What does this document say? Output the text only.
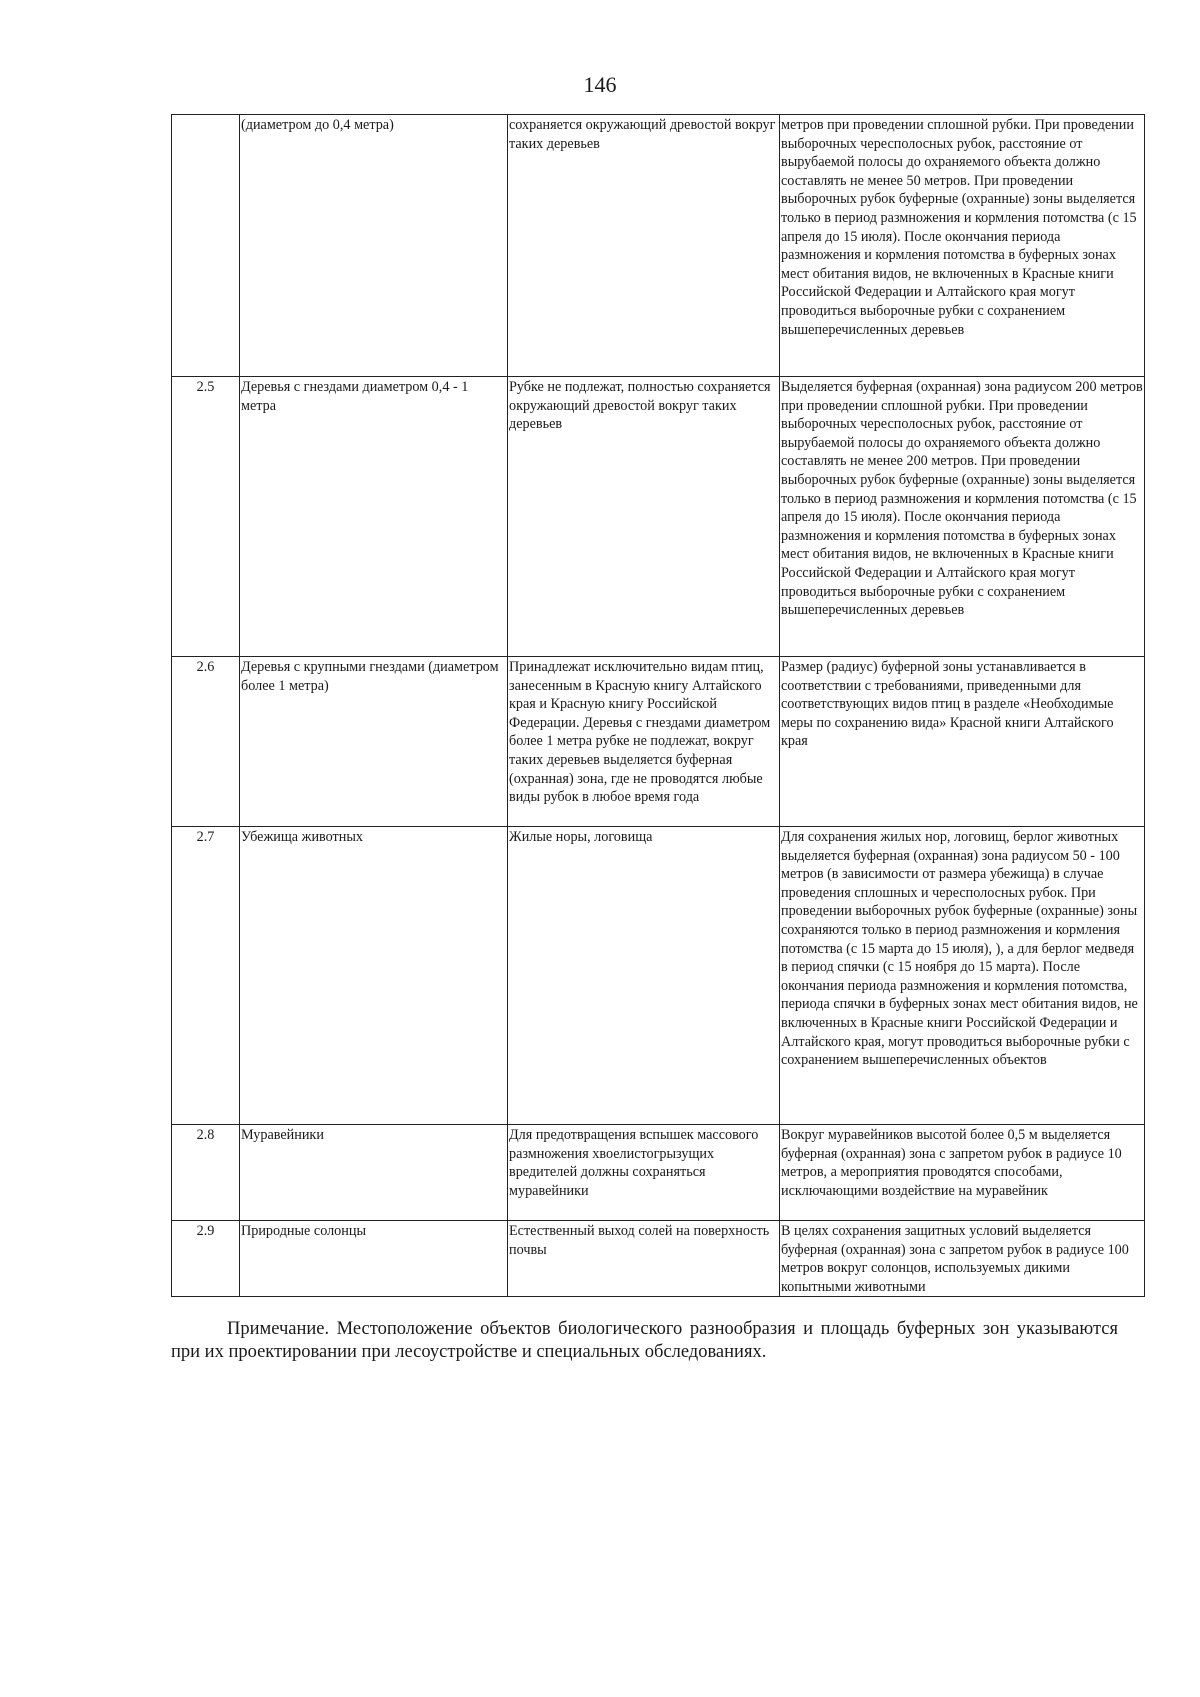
146
	(диаметром до 0,4 метра)	сохраняется окружающий древостой вокруг таких деревьев	метров при проведении сплошной рубки. При проведении выборочных чересполосных рубок, расстояние от вырубаемой полосы до охраняемого объекта должно составлять не менее 50 метров. При проведении выборочных рубок буферные (охранные) зоны выделяется только в период размножения и кормления потомства (с 15 апреля до 15 июля). После окончания периода размножения и кормления потомства в буферных зонах мест обитания видов, не включенных в Красные книги Российской Федерации и Алтайского края могут проводиться выборочные рубки с сохранением вышеперечисленных деревьев
2.5	Деревья с гнездами диаметром 0,4 - 1 метра	Рубке не подлежат, полностью сохраняется окружающий древостой вокруг таких деревьев	Выделяется буферная (охранная) зона радиусом 200 метров при проведении сплошной рубки. При проведении выборочных чересполосных рубок, расстояние от вырубаемой полосы до охраняемого объекта должно составлять не менее 200 метров. При проведении выборочных рубок буферные (охранные) зоны выделяется только в период размножения и кормления потомства (с 15 апреля до 15 июля). После окончания периода размножения и кормления потомства в буферных зонах мест обитания видов, не включенных в Красные книги Российской Федерации и Алтайского края могут проводиться выборочные рубки с сохранением вышеперечисленных деревьев
2.6	Деревья с крупными гнездами (диаметром более 1 метра)	Принадлежат исключительно видам птиц, занесенным в Красную книгу Алтайского края и Красную книгу Российской Федерации. Деревья с гнездами диаметром более 1 метра рубке не подлежат, вокруг таких деревьев выделяется буферная (охранная) зона, где не проводятся любые виды рубок в любое время года	Размер (радиус) буферной зоны устанавливается в соответствии с требованиями, приведенными для соответствующих видов птиц в разделе «Необходимые меры по сохранению вида» Красной книги Алтайского края
2.7	Убежища животных	Жилые норы, логовища	Для сохранения жилых нор, логовищ, берлог животных выделяется буферная (охранная) зона радиусом 50 - 100 метров (в зависимости от размера убежища) в случае проведения сплошных и чересполосных рубок. При проведении выборочных рубок буферные (охранные) зоны сохраняются только в период размножения и кормления потомства (с 15 марта до 15 июля), ), а для берлог медведя в период спячки (с 15 ноября до 15 марта). После окончания периода размножения и кормления потомства, периода спячки в буферных зонах мест обитания видов, не включенных в Красные книги Российской Федерации и Алтайского края, могут проводиться выборочные рубки с сохранением вышеперечисленных объектов
2.8	Муравейники	Для предотвращения вспышек массового размножения хвоелистогрызущих вредителей должны сохраняться муравейники	Вокруг муравейников высотой более 0,5 м выделяется буферная (охранная) зона с запретом рубок в радиусе 10 метров, а мероприятия проводятся способами, исключающими воздействие на муравейник
2.9	Природные солонцы	Естественный выход солей на поверхность почвы	В целях сохранения защитных условий выделяется буферная (охранная) зона с запретом рубок в радиусе 100 метров вокруг солонцов, используемых дикими копытными животными
Примечание. Местоположение объектов биологического разнообразия и площадь буферных зон указываются при их проектировании при лесоустройстве и специальных обследованиях.
